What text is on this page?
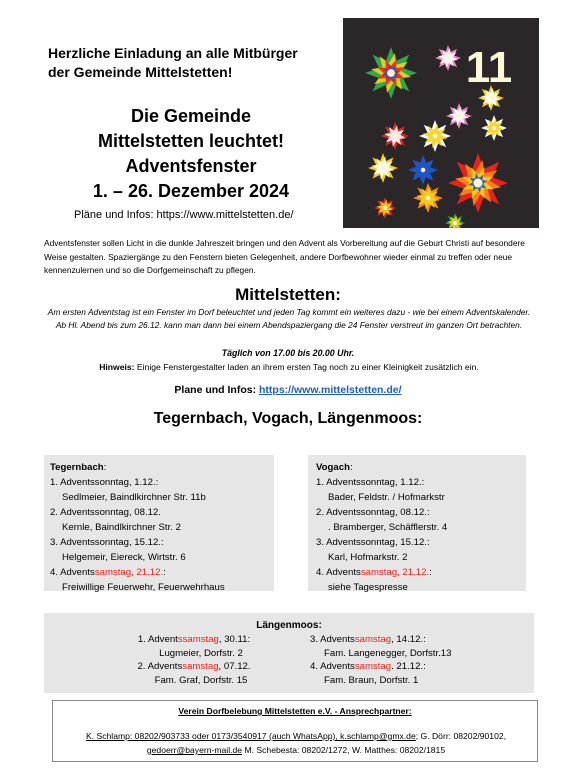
Herzliche Einladung an alle Mitbürger
der Gemeinde Mittelstetten!
Die Gemeinde
Mittelstetten leuchtet!
Adventsfenster
1. – 26. Dezember 2024
Pläne und Infos: https://www.mittelstetten.de/
11
Adventsfenster sollen Licht in die dunkle Jahreszeit bringen und den Advent als Vorbereitung auf die Geburt Christi auf besondere Weise gestalten. Spaziergänge zu den Fenstern bieten Gelegenheit, andere Dorfbewohner wieder einmal zu treffen oder neue kennenzulernen und so die Dorfgemeinschaft zu pflegen.
Mittelstetten:
Am ersten Adventstag ist ein Fenster im Dorf beleuchtet und jeden Tag kommt ein weiteres dazu - wie bei einem Adventskalender. Ab Hl. Abend bis zum 26.12. kann man dann bei einem Abendspaziergang die 24 Fenster verstreut im ganzen Ort betrachten.
Täglich von 17.00 bis 20.00 Uhr.
Hinweis: Einige Fenstergestalter laden an ihrem ersten Tag noch zu einer Kleinigkeit zusätzlich ein.
Plane und Infos: https://www.mittelstetten.de/
Tegernbach, Vogach, Längenmoos:
Tegernbach:
1. Adventssonntag, 1.12.:
Sedlmeier, Baindlkirchner Str. 11b
2. Adventssonntag, 08.12.
Kernle, Baindlkirchner Str. 2
3. Adventssonntag, 15.12.:
Helgemeir, Eiereck, Wirtstr. 6
4. Adventssamstag, 21.12.:
Freiwillige Feuerwehr, Feuerwehrhaus
Vogach:
1. Adventssonntag, 1.12.:
Bader, Feldstr. / Hofmarkstr
2. Adventssonntag, 08.12.:
. Bramberger, Schäfflerstr. 4
3. Adventssonntag, 15.12.:
Karl, Hofmarkstr. 2
4. Adventssamstag, 21.12.:
siehe Tagespresse
Längenmoos:
1. Adventssamstag, 30.11:
Lugmeier, Dorfstr. 2
2. Adventssamstag, 07.12.
Fam. Graf, Dorfstr. 15
3. Adventssamstag, 14.12.:
Fam. Langenegger, Dorfstr.13
4. Adventssamstag. 21.12.:
Fam. Braun, Dorfstr. 1
Verein Dorfbelebung Mittelstetten e.V. - Ansprechpartner:
K. Schlamp: 08202/903733 oder 0173/3540917 (auch WhatsApp), k.schlamp@gmx.de; G. Dörr: 08202/90102, gedoerr@bayern-mail.de M. Schebesta: 08202/1272, W. Matthes: 08202/1815
